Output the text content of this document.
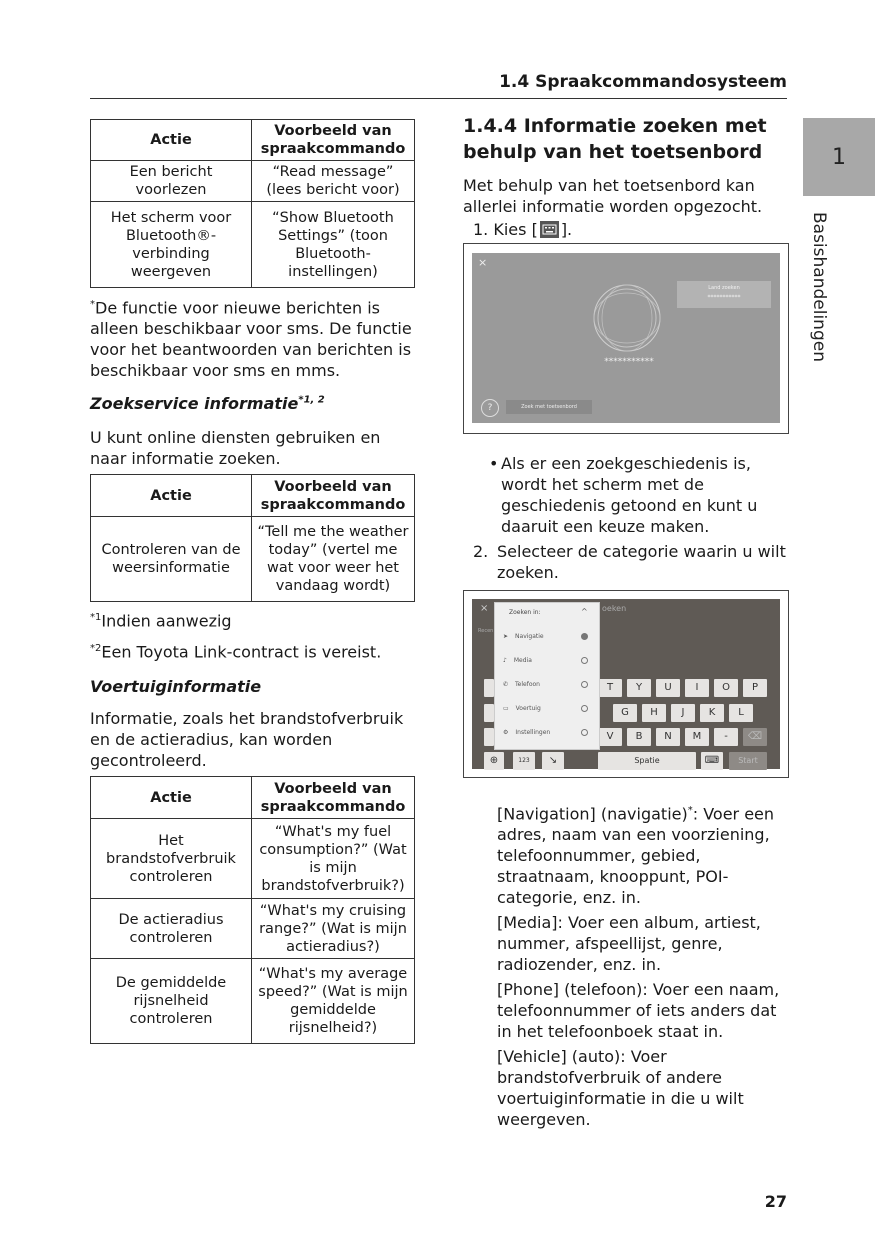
1.4 Spraakcommandosysteem
1
Basishandelingen
Actie	Voorbeeld van spraakcommando
Een bericht voorlezen	“Read message” (lees bericht voor)
Het scherm voor Bluetooth®-verbinding weergeven	“Show Bluetooth Settings” (toon Bluetooth-instellingen)
*De functie voor nieuwe berichten is alleen beschikbaar voor sms. De functie voor het beantwoorden van berichten is beschikbaar voor sms en mms.
Zoekservice informatie$^{*1, 2}$
U kunt online diensten gebruiken en naar informatie zoeken.
Actie	Voorbeeld van spraakcommando
Controleren van de weersinformatie	“Tell me the weather today” (vertel me wat voor weer het vandaag wordt)
$^{*1}$Indien aanwezig
$^{*2}$Een Toyota Link-contract is vereist.
Voertuiginformatie
Informatie, zoals het brandstofverbruik en de actieradius, kan worden gecontroleerd.
Actie	Voorbeeld van spraakcommando
Het brandstofverbruik controleren	“What's my fuel consumption?” (Wat is mijn brandstofverbruik?)
De actieradius controleren	“What's my cruising range?” (Wat is mijn actieradius?)
De gemiddelde rijsnelheid controleren	“What's my average speed?” (Wat is mijn gemiddelde rijsnelheid?)
1.4.4 Informatie zoeken met behulp van het toetsenbord
Met behulp van het toetsenbord kan allerlei informatie worden opgezocht.
1. Kies [ ].
×
Land zoeken
***********
***********
?	Zoek met toetsenbord
• Als er een zoekgeschiedenis is, wordt het scherm met de geschiedenis getoond en kunt u daaruit een keuze maken.
2. Selecteer de categorie waarin u wilt zoeken.
×	oeken
Recen
T	Y	U	I	O	P
G	H	J	K	L
V	B	N	M	-	⌫
⊕	123	↘	Spatie	⌨	Start
Zoeken in:	^
➤ Navigatie
♪ Media
✆ Telefoon
▭ Voertuig
⚙ Instellingen
[Navigation] (navigatie)*: Voer een adres, naam van een voorziening, telefoonnummer, gebied, straatnaam, knooppunt, POI-categorie, enz. in.
[Media]: Voer een album, artiest, nummer, afspeellijst, genre, radiozender, enz. in.
[Phone] (telefoon): Voer een naam, telefoonnummer of iets anders dat in het telefoonboek staat in.
[Vehicle] (auto): Voer brandstofverbruik of andere voertuiginformatie in die u wilt weergeven.
27
